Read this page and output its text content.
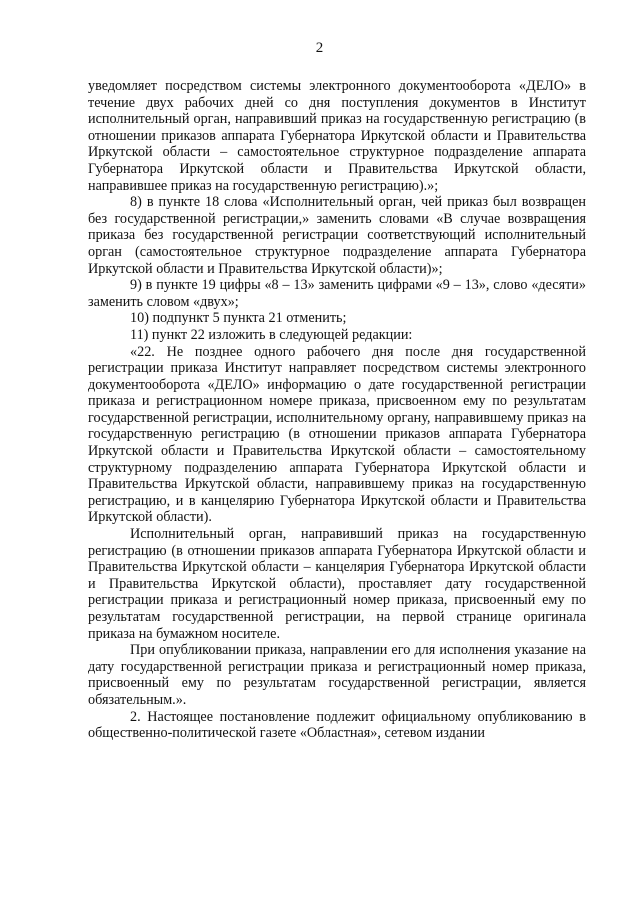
2

уведомляет посредством системы электронного документооборота «ДЕЛО» в течение двух рабочих дней со дня поступления документов в Институт исполнительный орган, направивший приказ на государственную регистрацию (в отношении приказов аппарата Губернатора Иркутской области и Правительства Иркутской области – самостоятельное структурное подразделение аппарата Губернатора Иркутской области и Правительства Иркутской области, направившее приказ на государственную регистрацию).»;

8) в пункте 18 слова «Исполнительный орган, чей приказ был возвращен без государственной регистрации,» заменить словами «В случае возвращения приказа без государственной регистрации соответствующий исполнительный орган (самостоятельное структурное подразделение аппарата Губернатора Иркутской области и Правительства Иркутской области)»;

9) в пункте 19 цифры «8 – 13» заменить цифрами «9 – 13», слово «десяти» заменить словом «двух»;

10) подпункт 5 пункта 21 отменить;

11) пункт 22 изложить в следующей редакции:

«22. Не позднее одного рабочего дня после дня государственной регистрации приказа Институт направляет посредством системы электронного документооборота «ДЕЛО» информацию о дате государственной регистрации приказа и регистрационном номере приказа, присвоенном ему по результатам государственной регистрации, исполнительному органу, направившему приказ на государственную регистрацию (в отношении приказов аппарата Губернатора Иркутской области и Правительства Иркутской области – самостоятельному структурному подразделению аппарата Губернатора Иркутской области и Правительства Иркутской области, направившему приказ на государственную регистрацию, и в канцелярию Губернатора Иркутской области и Правительства Иркутской области).

Исполнительный орган, направивший приказ на государственную регистрацию (в отношении приказов аппарата Губернатора Иркутской области и Правительства Иркутской области – канцелярия Губернатора Иркутской области и Правительства Иркутской области), проставляет дату государственной регистрации приказа и регистрационный номер приказа, присвоенный ему по результатам государственной регистрации, на первой странице оригинала приказа на бумажном носителе.

При опубликовании приказа, направлении его для исполнения указание на дату государственной регистрации приказа и регистрационный номер приказа, присвоенный ему по результатам государственной регистрации, является обязательным.».

2. Настоящее постановление подлежит официальному опубликованию в общественно-политической газете «Областная», сетевом издании
